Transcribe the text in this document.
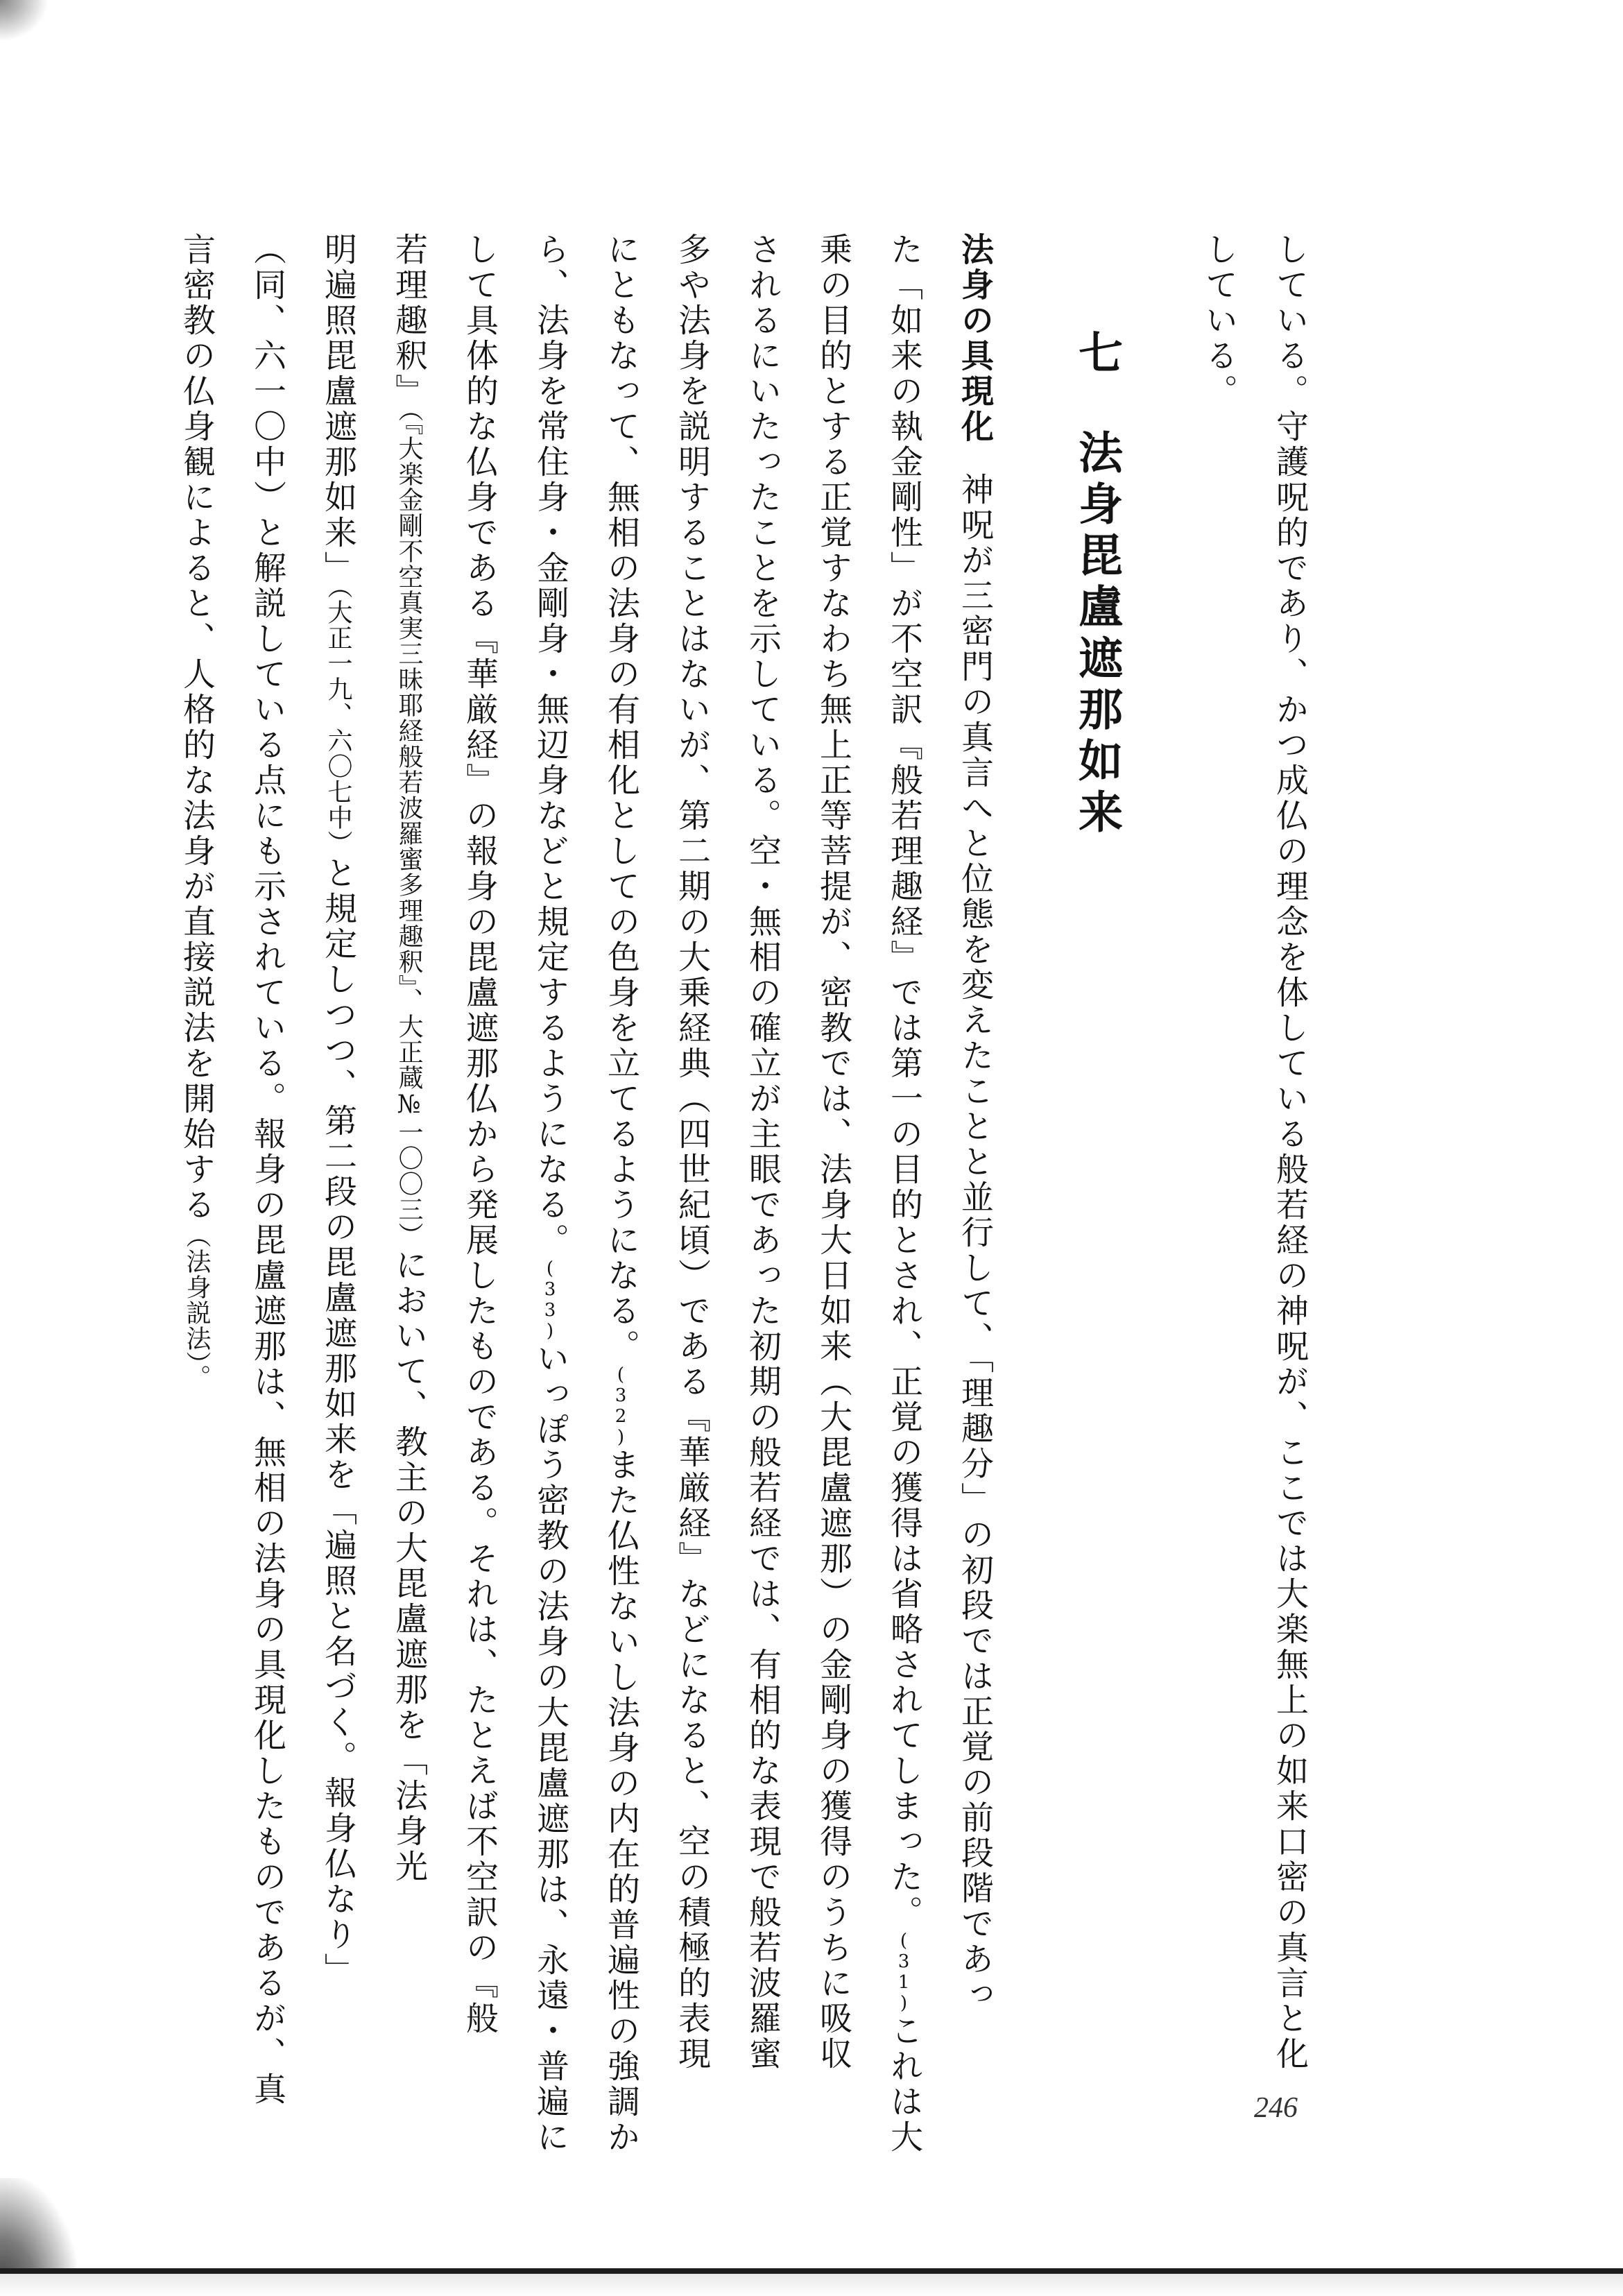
している。守護呪的であり、かつ成仏の理念を体している般若経の神呪が、ここでは大楽無上の如来口密の真言と化
している。
七法身毘盧遮那如来
法身の具現化神呪が三密門の真言へと位態を変えたことと並行して、「理趣分」の初段では正覚の前段階であっ
た「如来の執金剛性」が不空訳『般若理趣経』では第一の目的とされ、正覚の獲得は省略されてしまった。(31)これは大
乗の目的とする正覚すなわち無上正等菩提が、密教では、法身大日如来（大毘盧遮那）の金剛身の獲得のうちに吸収
されるにいたったことを示している。空・無相の確立が主眼であった初期の般若経では、有相的な表現で般若波羅蜜
多や法身を説明することはないが、第二期の大乗経典（四世紀頃）である『華厳経』などになると、空の積極的表現
にともなって、無相の法身の有相化としての色身を立てるようになる。(32)また仏性ないし法身の内在的普遍性の強調か
ら、法身を常住身・金剛身・無辺身などと規定するようになる。(33)いっぽう密教の法身の大毘盧遮那は、永遠・普遍に
して具体的な仏身である『華厳経』の報身の毘盧遮那仏から発展したものである。それは、たとえば不空訳の『般
若理趣釈』（『大楽金剛不空真実三昧耶経般若波羅蜜多理趣釈』、大正蔵№一〇〇三）において、教主の大毘盧遮那を「法身光
明遍照毘盧遮那如来」（大正一九、六〇七中）と規定しつつ、第二段の毘盧遮那如来を「遍照と名づく。報身仏なり」
（同、六一〇中）と解説している点にも示されている。報身の毘盧遮那は、無相の法身の具現化したものであるが、真
言密教の仏身観によると、人格的な法身が直接説法を開始する（法身説法）。
246
